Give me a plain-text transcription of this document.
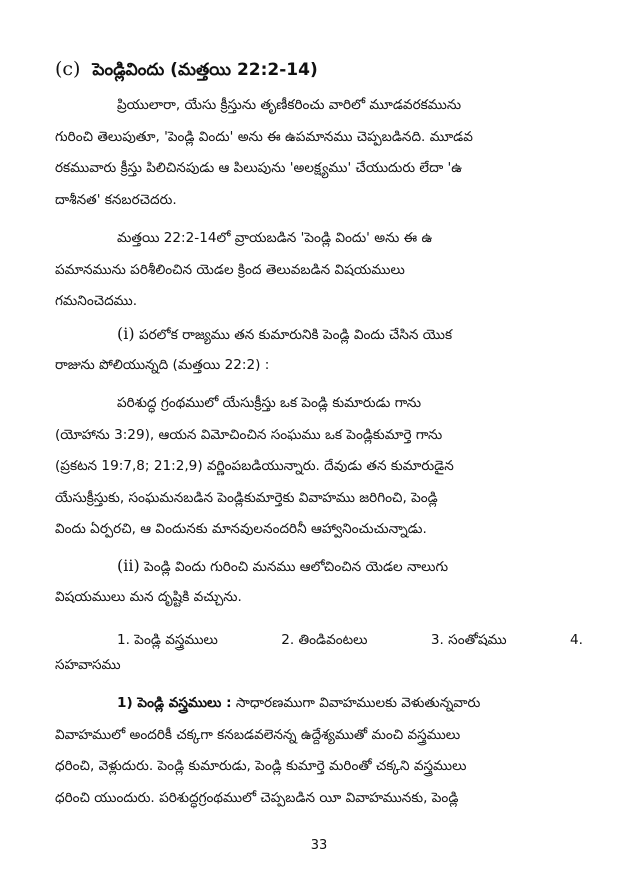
(c) పెండ్లివిందు (మత్తయి 22:2-14)
ప్రియులారా, యేసు క్రీస్తును తృణీకరించు వారిలో మూడవరకమును
గురించి తెలుపుతూ, 'పెండ్లి విందు' అను ఈ ఉపమానము చెప్పబడినది. మూడవ
రకమువారు క్రీస్తు పిలిచినపుడు ఆ పిలుపును 'అలక్ష్యము' చేయుదురు లేదా 'ఉ
దాశీనత' కనబరచెదరు.
మత్తయి 22:2-14లో వ్రాయబడిన 'పెండ్లి విందు' అను ఈ ఉ
పమానమును పరిశీలించిన యెడల క్రింద తెలువబడిన విషయములు
గమనించెదము.
(i) పరలోక రాజ్యము తన కుమారునికి పెండ్లి విందు చేసిన యొక
రాజును పోలియున్నది (మత్తయి 22:2) :
పరిశుద్ధ గ్రంథములో యేసుక్రీస్తు ఒక పెండ్లి కుమారుడు గాను
(యోహాను 3:29), ఆయన విమోచించిన సంఘము ఒక పెండ్లికుమార్తె గాను
(ప్రకటన 19:7,8; 21:2,9) వర్ణింపబడియున్నారు. దేవుడు తన కుమారుడైన
యేసుక్రీస్తుకు, సంఘమనబడిన పెండ్లికుమార్తెకు వివాహము జరిగించి, పెండ్లి
విందు ఏర్పరచి, ఆ విందునకు మానవులనందరినీ ఆహ్వానించుచున్నాడు.
(ii) పెండ్లి విందు గురించి మనము ఆలోచించిన యెడల నాలుగు
విషయములు మన దృష్టికి వచ్చును.
1. పెండ్లి వస్త్రములు	2. తిండివంటలు	3. సంతోషము	4.
సహవాసము
1) పెండ్లి వస్త్రములు : సాధారణముగా వివాహములకు వెళుతున్నవారు
వివాహములో అందరికీ చక్కగా కనబడవలెనన్న ఉద్దేశ్యముతో మంచి వస్త్రములు
ధరించి, వెళ్లుదురు. పెండ్లి కుమారుడు, పెండ్లి కుమార్తె మరింతో చక్కని వస్త్రములు
ధరించి యుందురు. పరిశుద్ధగ్రంథములో చెప్పబడిన యీ వివాహమునకు, పెండ్లి
33
